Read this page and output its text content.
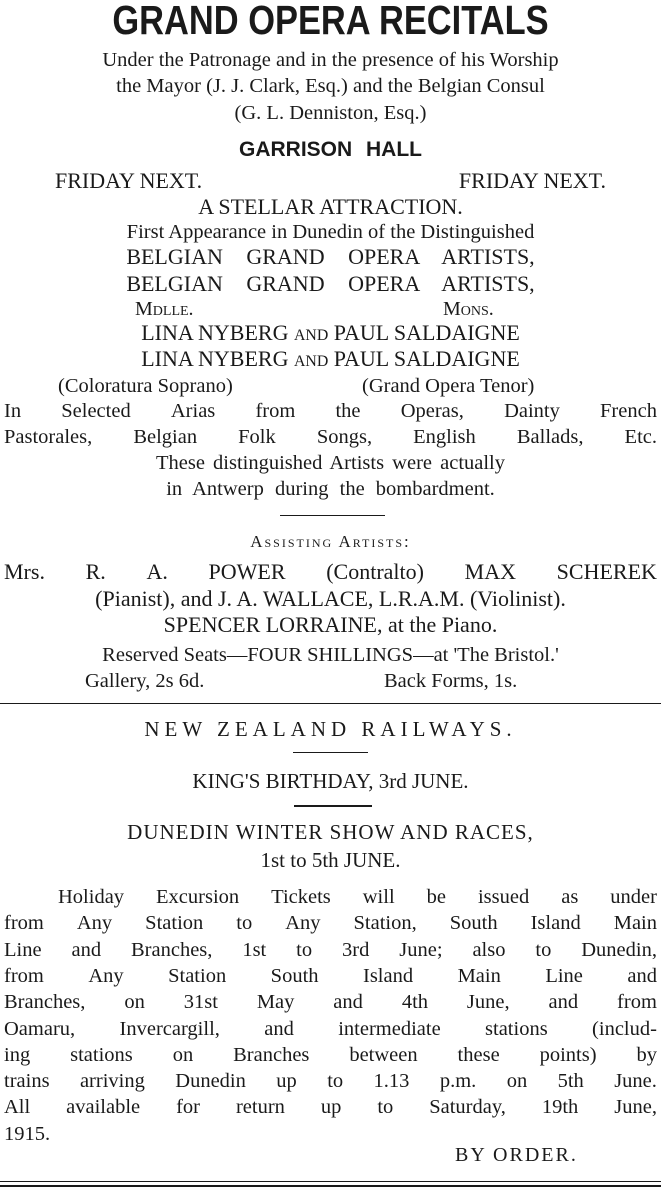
GRAND OPERA RECITALS
Under the Patronage and in the presence of his Worship
the Mayor (J. J. Clark, Esq.) and the Belgian Consul
(G. L. Denniston, Esq.)
GARRISON HALL
FRIDAY NEXT.	FRIDAY NEXT.
A STELLAR ATTRACTION.
First Appearance in Dunedin of the Distinguished
BELGIAN GRAND OPERA ARTISTS,
BELGIAN GRAND OPERA ARTISTS,
Mdlle.	Mons.
LINA NYBERG AND PAUL SALDAIGNE
LINA NYBERG AND PAUL SALDAIGNE
(Coloratura Soprano)	(Grand Opera Tenor)
In Selected Arias from the Operas, Dainty French
Pastorales, Belgian Folk Songs, English Ballads, Etc.
These distinguished Artists were actually
in Antwerp during the bombardment.
Assisting Artists:
Mrs. R. A. POWER (Contralto) MAX SCHEREK
(Pianist), and J. A. WALLACE, L.R.A.M. (Violinist).
SPENCER LORRAINE, at the Piano.
Reserved Seats—FOUR SHILLINGS—at 'The Bristol.'
Gallery, 2s 6d.	Back Forms, 1s.
NEW ZEALAND RAILWAYS.
KING'S BIRTHDAY, 3rd JUNE.
DUNEDIN WINTER SHOW AND RACES,
1st to 5th JUNE.
Holiday Excursion Tickets will be issued as under
from Any Station to Any Station, South Island Main
Line and Branches, 1st to 3rd June; also to Dunedin,
from Any Station South Island Main Line and
Branches, on 31st May and 4th June, and from
Oamaru, Invercargill, and intermediate stations (includ-
ing stations on Branches between these points) by
trains arriving Dunedin up to 1.13 p.m. on 5th June.
All available for return up to Saturday, 19th June,
1915.
BY ORDER.
